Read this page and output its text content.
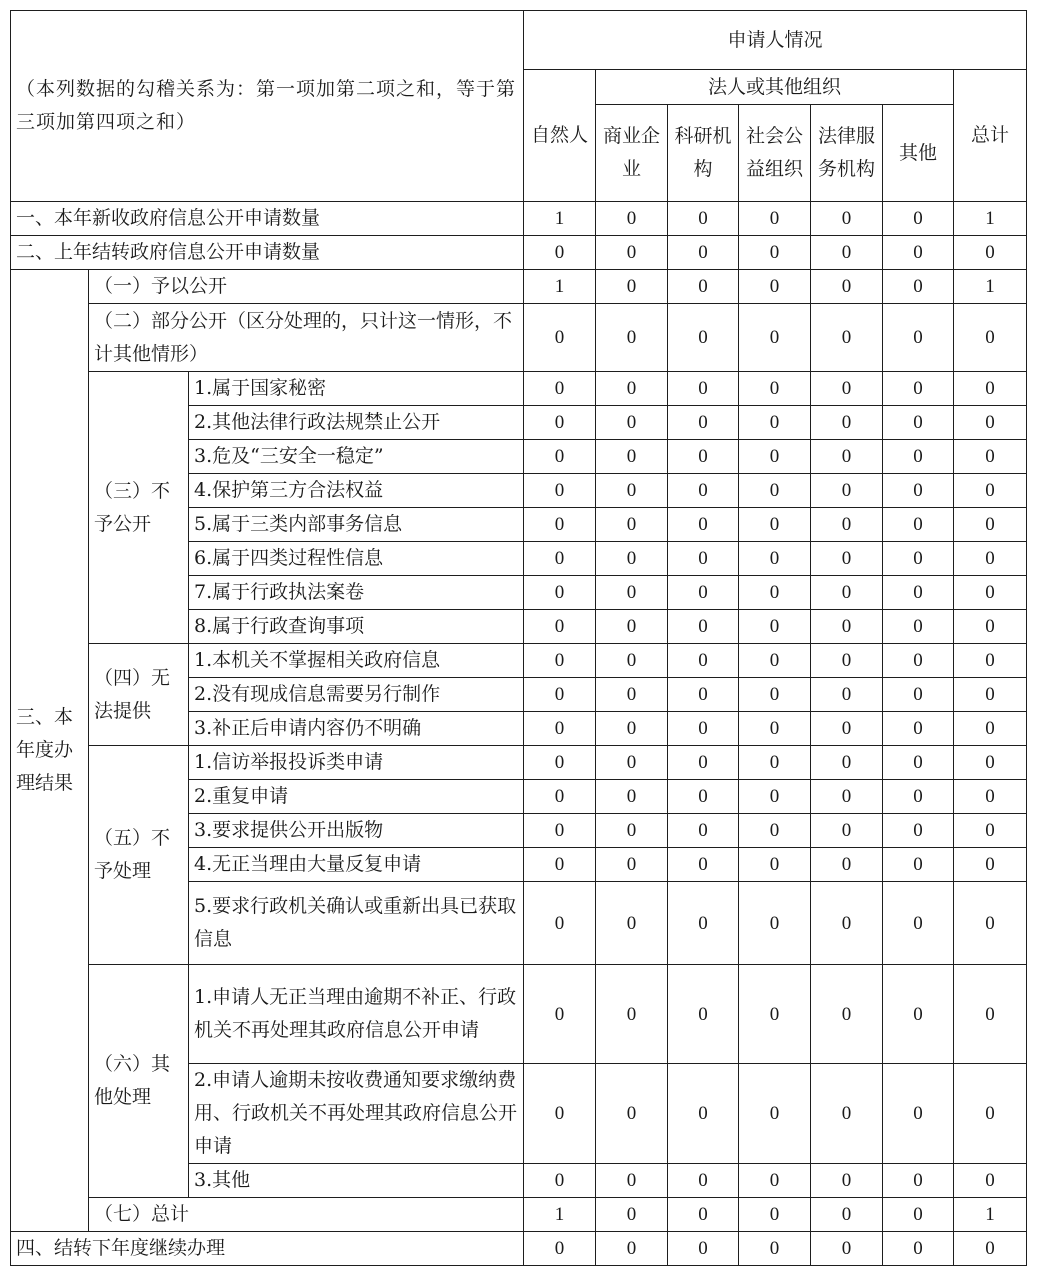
（本列数据的勾稽关系为：第一项加第二项之和，等于第三项加第四项之和）			申请人情况						
			自然人	法人或其他组织					总计
				商业企业	科研机构	社会公益组织	法律服务机构	其他	
一、本年新收政府信息公开申请数量			1	0	0	0	0	0	1
二、上年结转政府信息公开申请数量			0	0	0	0	0	0	0
三、本年度办理结果	（一）予以公开		1	0	0	0	0	0	1
	（二）部分公开（区分处理的，只计这一情形，不计其他情形）		0	0	0	0	0	0	0
	（三）不予公开	1.属于国家秘密	0	0	0	0	0	0	0
		2.其他法律行政法规禁止公开	0	0	0	0	0	0	0
		3.危及“三安全一稳定”	0	0	0	0	0	0	0
		4.保护第三方合法权益	0	0	0	0	0	0	0
		5.属于三类内部事务信息	0	0	0	0	0	0	0
		6.属于四类过程性信息	0	0	0	0	0	0	0
		7.属于行政执法案卷	0	0	0	0	0	0	0
		8.属于行政查询事项	0	0	0	0	0	0	0
	（四）无法提供	1.本机关不掌握相关政府信息	0	0	0	0	0	0	0
		2.没有现成信息需要另行制作	0	0	0	0	0	0	0
		3.补正后申请内容仍不明确	0	0	0	0	0	0	0
	（五）不予处理	1.信访举报投诉类申请	0	0	0	0	0	0	0
		2.重复申请	0	0	0	0	0	0	0
		3.要求提供公开出版物	0	0	0	0	0	0	0
		4.无正当理由大量反复申请	0	0	0	0	0	0	0
		5.要求行政机关确认或重新出具已获取信息	0	0	0	0	0	0	0
	（六）其他处理	1.申请人无正当理由逾期不补正、行政机关不再处理其政府信息公开申请	0	0	0	0	0	0	0
		2.申请人逾期未按收费通知要求缴纳费用、行政机关不再处理其政府信息公开申请	0	0	0	0	0	0	0
		3.其他	0	0	0	0	0	0	0
	（七）总计		1	0	0	0	0	0	1
四、结转下年度继续办理			0	0	0	0	0	0	0
